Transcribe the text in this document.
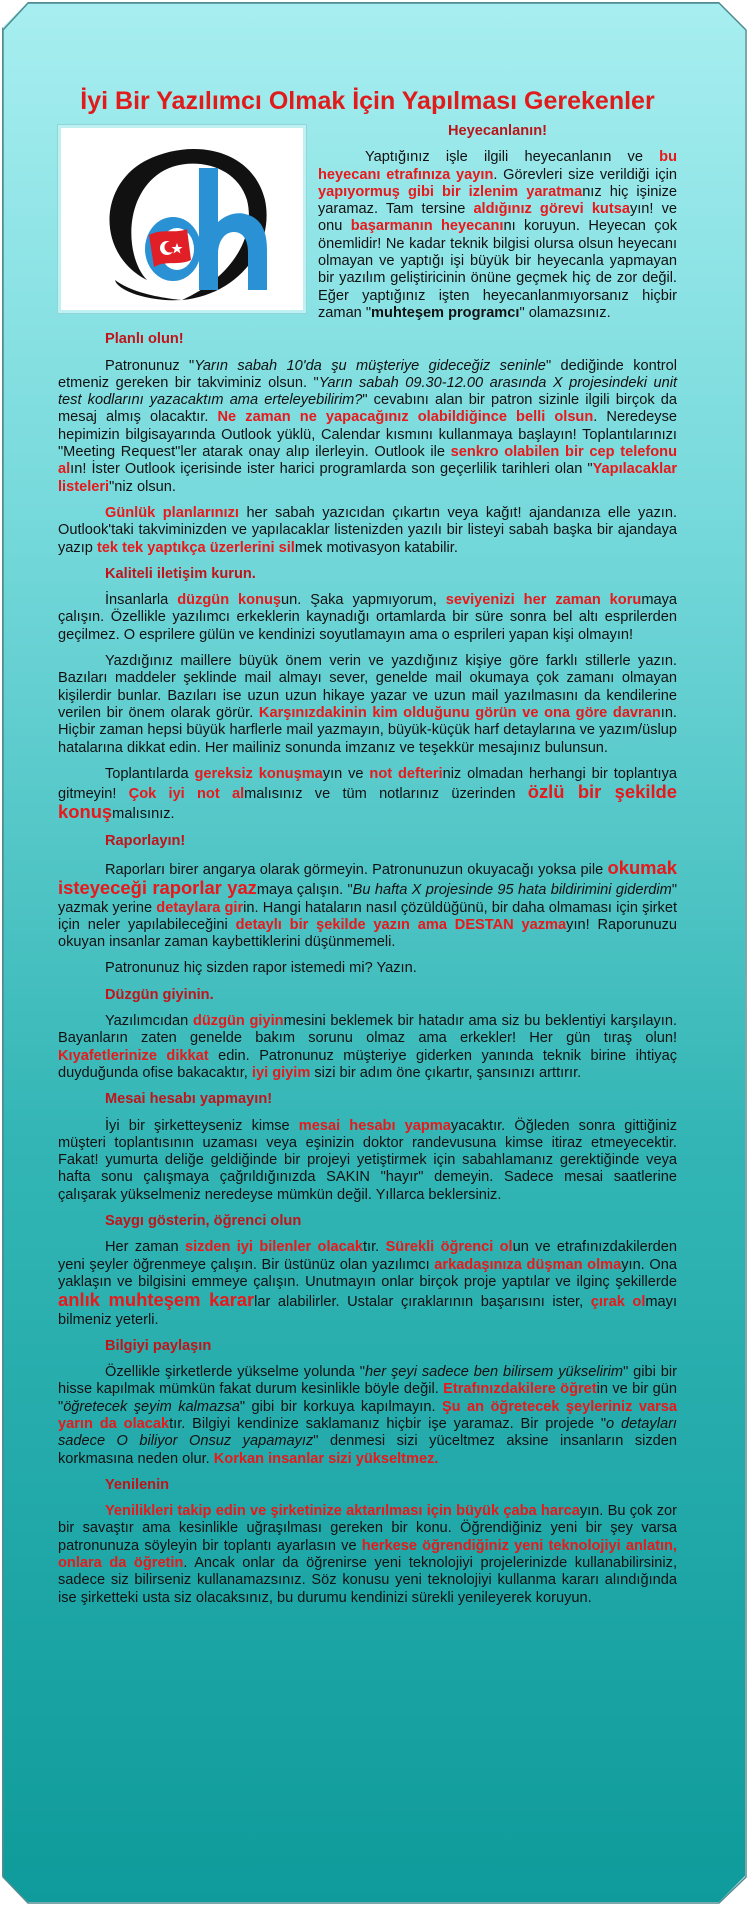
İyi Bir Yazılımcı Olmak İçin Yapılması Gerekenler
Heyecanlanın!

Yaptığınız işle ilgili heyecanlanın ve bu heyecanı etrafınıza yayın. Görevleri size verildiği için yapıyormuş gibi bir izlenim yaratmanız hiç işinize yaramaz. Tam tersine aldığınız görevi kutsayın! ve onu başarmanın heyecanını koruyun. Heyecan çok önemlidir! Ne kadar teknik bilgisi olursa olsun heyecanı olmayan ve yaptığı işi büyük bir heyecanla yapmayan bir yazılım geliştiricinin önüne geçmek hiç de zor değil. Eğer yaptığınız işten heyecanlanmıyorsanız hiçbir zaman "muhteşem programcı" olamazsınız.

Planlı olun!

Patronunuz "Yarın sabah 10'da şu müşteriye gideceğiz seninle" dediğinde kontrol etmeniz gereken bir takviminiz olsun. "Yarın sabah 09.30-12.00 arasında X projesindeki unit test kodlarını yazacaktım ama erteleyebilirim?" cevabını alan bir patron sizinle ilgili birçok da mesaj almış olacaktır. Ne zaman ne yapacağınız olabildiğince belli olsun. Neredeyse hepimizin bilgisayarında Outlook yüklü, Calendar kısmını kullanmaya başlayın! Toplantılarınızı "Meeting Request"ler atarak onay alıp ilerleyin. Outlook ile senkro olabilen bir cep telefonu alın! İster Outlook içerisinde ister harici programlarda son geçerlilik tarihleri olan "Yapılacaklar listeleri"niz olsun.

Günlük planlarınızı her sabah yazıcıdan çıkartın veya kağıt! ajandanıza elle yazın. Outlook'taki takviminizden ve yapılacaklar listenizden yazılı bir listeyi sabah başka bir ajandaya yazıp tek tek yaptıkça üzerlerini silmek motivasyon katabilir.

Kaliteli iletişim kurun.

İnsanlarla düzgün konuşun. Şaka yapmıyorum, seviyenizi her zaman korumaya çalışın. Özellikle yazılımcı erkeklerin kaynadığı ortamlarda bir süre sonra bel altı esprilerden geçilmez. O esprilere gülün ve kendinizi soyutlamayın ama o esprileri yapan kişi olmayın!

Yazdığınız maillere büyük önem verin ve yazdığınız kişiye göre farklı stillerle yazın. Bazıları maddeler şeklinde mail almayı sever, genelde mail okumaya çok zamanı olmayan kişilerdir bunlar. Bazıları ise uzun uzun hikaye yazar ve uzun mail yazılmasını da kendilerine verilen bir önem olarak görür. Karşınızdakinin kim olduğunu görün ve ona göre davranın. Hiçbir zaman hepsi büyük harflerle mail yazmayın, büyük-küçük harf detaylarına ve yazım/üslup hatalarına dikkat edin. Her mailiniz sonunda imzanız ve teşekkür mesajınız bulunsun.

Toplantılarda gereksiz konuşmayın ve not defteriniz olmadan herhangi bir toplantıya gitmeyin! Çok iyi not almalısınız ve tüm notlarınız üzerinden özlü bir şekilde konuşmalısınız.

Raporlayın!

Raporları birer angarya olarak görmeyin. Patronunuzun okuyacağı yoksa pile okumak isteyeceği raporlar yazmaya çalışın. "Bu hafta X projesinde 95 hata bildirimini giderdim" yazmak yerine detaylara girin. Hangi hataların nasıl çözüldüğünü, bir daha olmaması için şirket için neler yapılabileceğini detaylı bir şekilde yazın ama DESTAN yazmayın! Raporunuzu okuyan insanlar zaman kaybettiklerini düşünmemeli.

Patronunuz hiç sizden rapor istemedi mi? Yazın.

Düzgün giyinin.

Yazılımcıdan düzgün giyinmesini beklemek bir hatadır ama siz bu beklentiyi karşılayın. Bayanların zaten genelde bakım sorunu olmaz ama erkekler! Her gün tıraş olun! Kıyafetlerinize dikkat edin. Patronunuz müşteriye giderken yanında teknik birine ihtiyaç duyduğunda ofise bakacaktır, iyi giyim sizi bir adım öne çıkartır, şansınızı arttırır.

Mesai hesabı yapmayın!

İyi bir şirketteyseniz kimse mesai hesabı yapmayacaktır. Öğleden sonra gittiğiniz müşteri toplantısının uzaması veya eşinizin doktor randevusuna kimse itiraz etmeyecektir. Fakat! yumurta deliğe geldiğinde bir projeyi yetiştirmek için sabahlamanız gerektiğinde veya hafta sonu çalışmaya çağrıldığınızda SAKIN "hayır" demeyin. Sadece mesai saatlerine çalışarak yükselmeniz neredeyse mümkün değil. Yıllarca beklersiniz.

Saygı gösterin, öğrenci olun

Her zaman sizden iyi bilenler olacaktır. Sürekli öğrenci olun ve etrafınızdakilerden yeni şeyler öğrenmeye çalışın. Bir üstünüz olan yazılımcı arkadaşınıza düşman olmayın. Ona yaklaşın ve bilgisini emmeye çalışın. Unutmayın onlar birçok proje yaptılar ve ilginç şekillerde anlık muhteşem kararlar alabilirler. Ustalar çıraklarının başarısını ister, çırak olmayı bilmeniz yeterli.

Bilgiyi paylaşın

Özellikle şirketlerde yükselme yolunda "her şeyi sadece ben bilirsem yükselirim" gibi bir hisse kapılmak mümkün fakat durum kesinlikle böyle değil. Etrafınızdakilere öğretin ve bir gün "öğretecek şeyim kalmazsa" gibi bir korkuya kapılmayın. Şu an öğretecek şeyleriniz varsa yarın da olacaktır. Bilgiyi kendinize saklamanız hiçbir işe yaramaz. Bir projede "o detayları sadece O biliyor Onsuz yapamayız" denmesi sizi yüceltmez aksine insanların sizden korkmasına neden olur. Korkan insanlar sizi yükseltmez.

Yenilenin

Yenilikleri takip edin ve şirketinize aktarılması için büyük çaba harcayın. Bu çok zor bir savaştır ama kesinlikle uğraşılması gereken bir konu. Öğrendiğiniz yeni bir şey varsa patronunuza söyleyin bir toplantı ayarlasın ve herkese öğrendiğiniz yeni teknolojiyi anlatın, onlara da öğretin. Ancak onlar da öğrenirse yeni teknolojiyi projelerinizde kullanabilirsiniz, sadece siz bilirseniz kullanamazsınız. Söz konusu yeni teknolojiyi kullanma kararı alındığında ise şirketteki usta siz olacaksınız, bu durumu kendinizi sürekli yenileyerek koruyun.
